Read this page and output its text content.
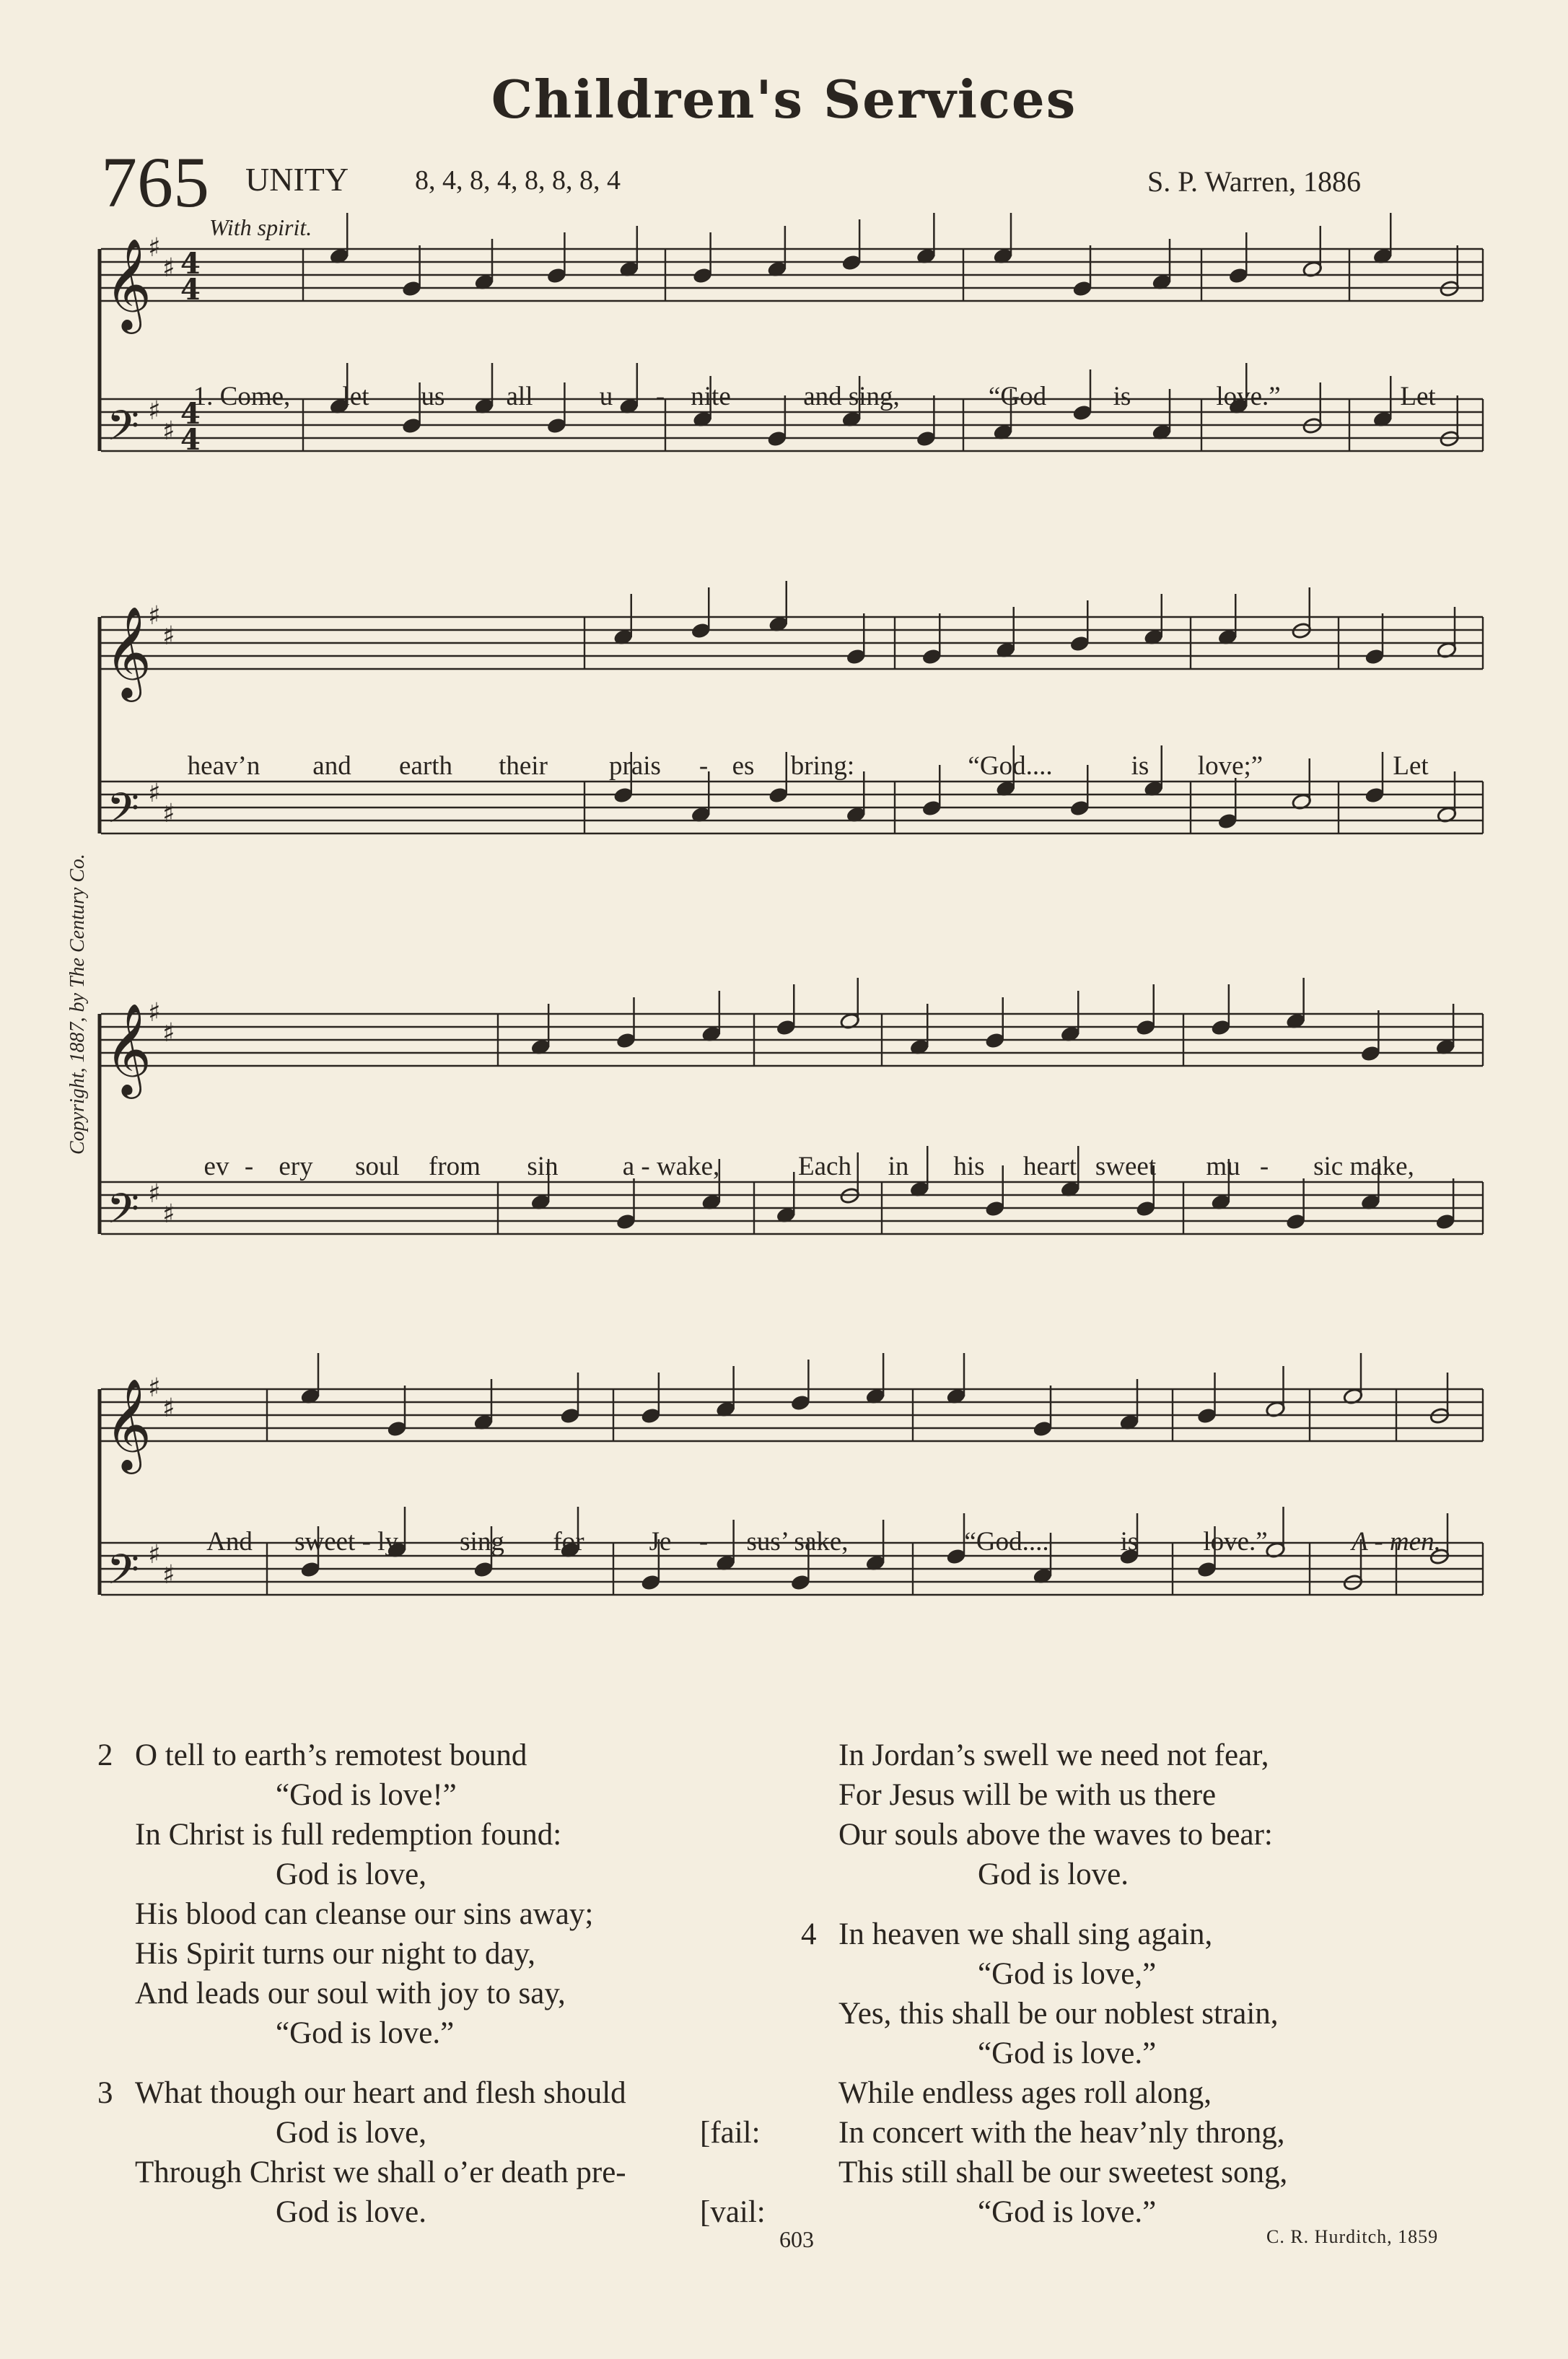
Children's Services
765 UNITY 8, 4, 8, 4, 8, 8, 8, 4	S. P. Warren, 1886
With spirit.
Copyright, 1887, by The Century Co.
𝄞
𝄢
♯
♯
♯
♯
4
4
4
4
𝄞
𝄢
♯
♯
♯
♯
𝄞
𝄢
♯
♯
♯
♯
𝄞
𝄢
♯
♯
♯
♯
1. Come, let us all u - nite	and sing,	“God	is	love.”	Let
heav’n and earth their prais - es bring:	“God....	is love;”	Let
ev - ery soul from sin a - wake,	Each in his heart sweet mu - sic make,
And sweet - ly sing for Je - sus’ sake,	“God....	is love.”	A - men.
2 O tell to earth’s remotest bound
“God is love!”
In Christ is full redemption found:
God is love,
His blood can cleanse our sins away;
His Spirit turns our night to day,
And leads our soul with joy to say,
“God is love.”
3 What though our heart and flesh should
God is love,	[fail:
Through Christ we shall o’er death pre-
God is love.	[vail:
In Jordan’s swell we need not fear,
For Jesus will be with us there
Our souls above the waves to bear:
God is love.
4 In heaven we shall sing again,
“God is love,”
Yes, this shall be our noblest strain,
“God is love.”
While endless ages roll along,
In concert with the heav’nly throng,
This still shall be our sweetest song,
“God is love.”
603	C. R. Hurditch, 1859
